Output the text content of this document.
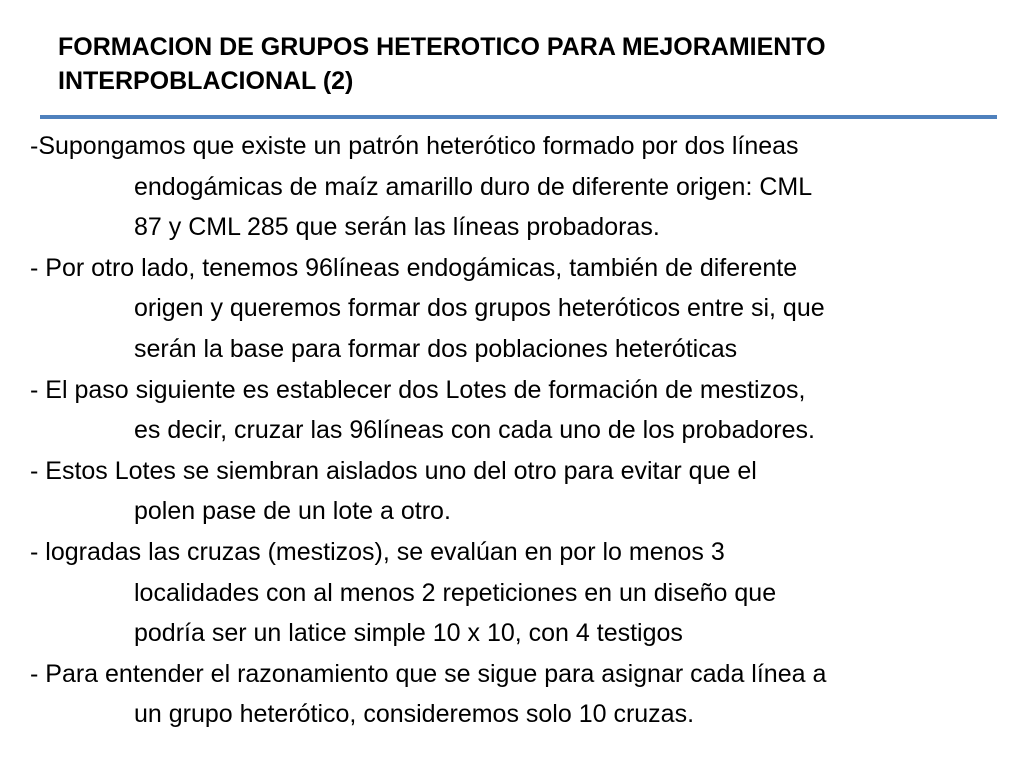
FORMACION DE GRUPOS HETEROTICO PARA MEJORAMIENTO
INTERPOBLACIONAL (2)

-Supongamos que existe un patrón heterótico formado por dos líneas
endogámicas de maíz amarillo duro de diferente origen: CML
87 y CML 285 que serán las líneas probadoras.

- Por otro lado, tenemos 96líneas endogámicas, también de diferente
origen y queremos formar dos grupos heteróticos entre si, que
serán la base para formar dos poblaciones heteróticas

- El paso siguiente es establecer dos Lotes de formación de mestizos,
es decir, cruzar las 96líneas con cada uno de los probadores.

- Estos Lotes se siembran aislados uno del otro para evitar que el
polen pase de un lote a otro.

- logradas las cruzas (mestizos), se evalúan en por lo menos 3
localidades con al menos 2 repeticiones en un diseño que
podría ser un latice simple 10 x 10, con 4 testigos

- Para entender el razonamiento que se sigue para asignar cada línea a
un grupo heterótico, consideremos solo 10 cruzas.
